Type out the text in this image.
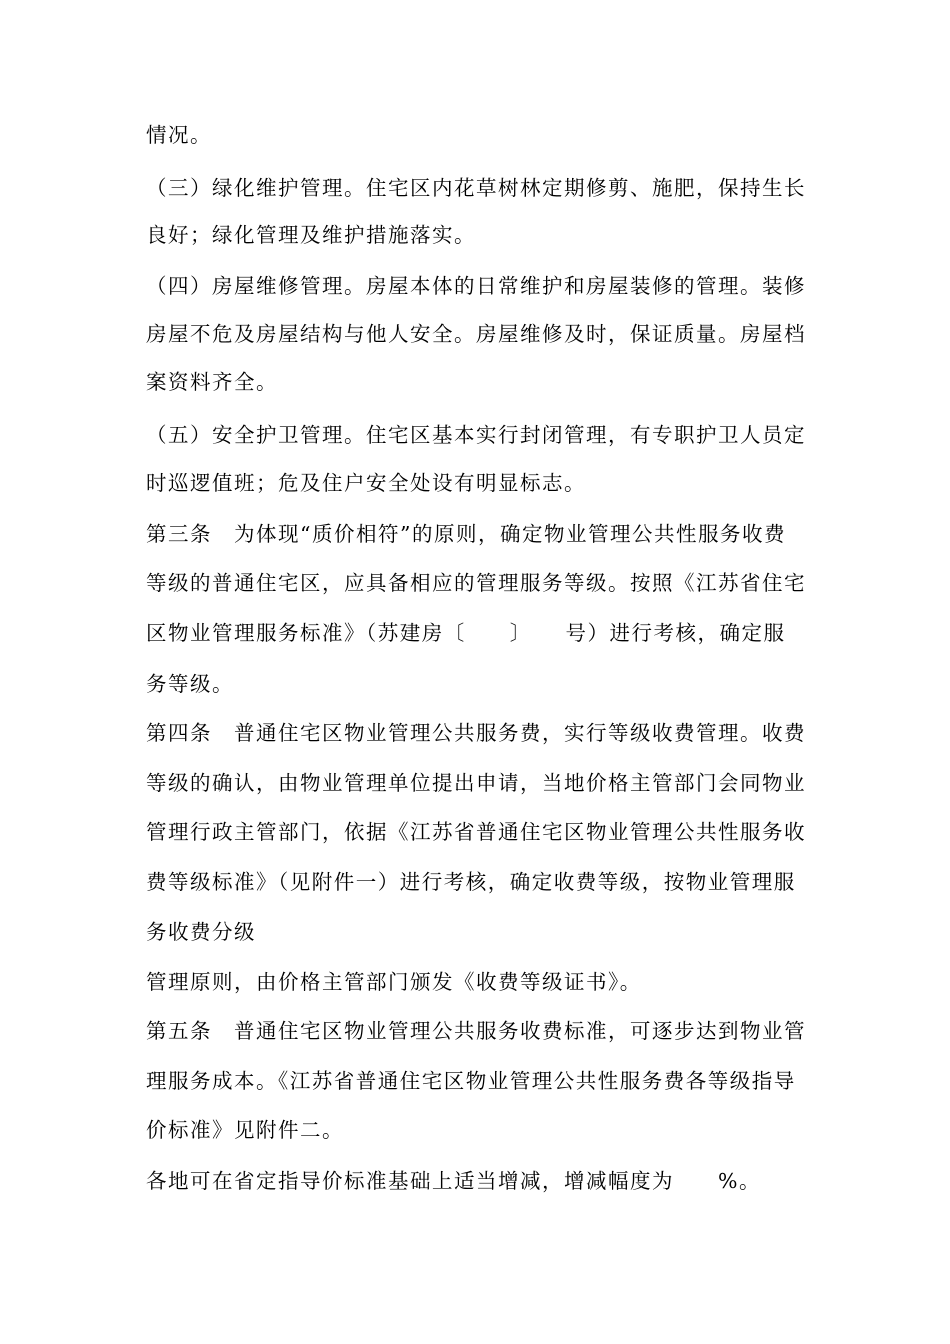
情况。

（三）绿化维护管理。住宅区内花草树林定期修剪、施肥，保持生长

良好；绿化管理及维护措施落实。

（四）房屋维修管理。房屋本体的日常维护和房屋装修的管理。装修

房屋不危及房屋结构与他人安全。房屋维修及时，保证质量。房屋档

案资料齐全。

（五）安全护卫管理。住宅区基本实行封闭管理，有专职护卫人员定

时巡逻值班；危及住户安全处设有明显标志。

第三条　为体现“质价相符”的原则，确定物业管理公共性服务收费

等级的普通住宅区，应具备相应的管理服务等级。按照《江苏省住宅

区物业管理服务标准》（苏建房〔　　〕　　号）进行考核，确定服

务等级。

第四条　普通住宅区物业管理公共服务费，实行等级收费管理。收费

等级的确认，由物业管理单位提出申请，当地价格主管部门会同物业

管理行政主管部门，依据《江苏省普通住宅区物业管理公共性服务收

费等级标准》（见附件一）进行考核，确定收费等级，按物业管理服

务收费分级

管理原则，由价格主管部门颁发《收费等级证书》。

第五条　普通住宅区物业管理公共服务收费标准，可逐步达到物业管

理服务成本。《江苏省普通住宅区物业管理公共性服务费各等级指导

价标准》见附件二。

各地可在省定指导价标准基础上适当增减，增减幅度为　　%。
